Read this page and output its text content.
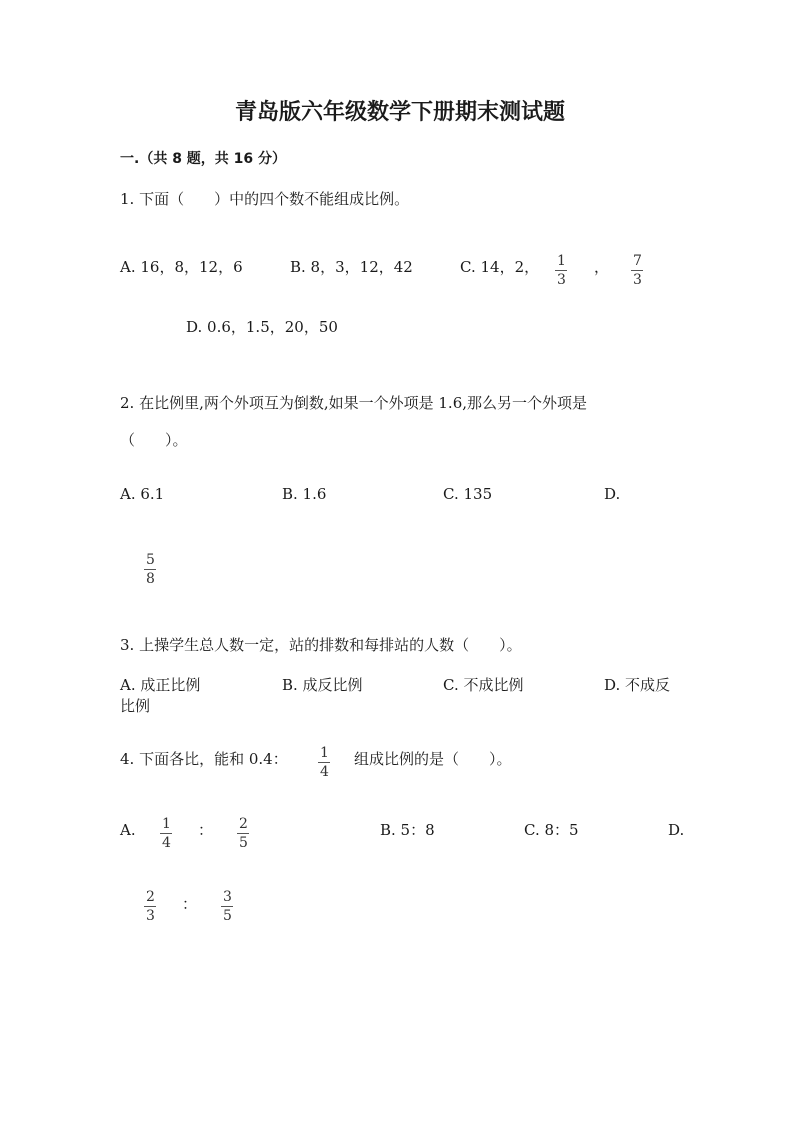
青岛版六年级数学下册期末测试题
一.（共 8 题，共 16 分）
1. 下面（　　）中的四个数不能组成比例。
A. 16，8，12，6	B. 8，3，12，42	C. 14，2， 1
3
， 7
3
D. 0.6，1.5，20，50
2. 在比例里,两个外项互为倒数,如果一个外项是 1.6,那么另一个外项是
（　　）。
A. 6.1	B. 1.6	C. 135	D.
5
8
3. 上操学生总人数一定，站的排数和每排站的人数（　　）。
A. 成正比例	B. 成反比例	C. 不成比例	D. 不成反
比例
4. 下面各比，能和 0.4： 1
4
组成比例的是（　　）。
A. 1
4
： 2
5
B. 5：8	C. 8：5	D.
2
3
： 3
5
